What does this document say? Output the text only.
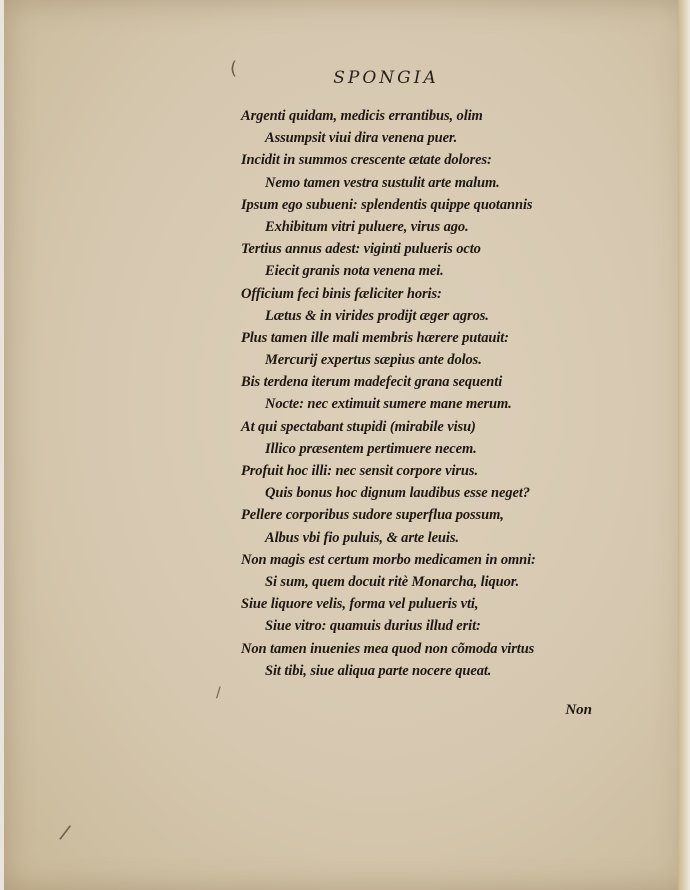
(	SPONGIA
Argenti quidam, medicis errantibus, olim
Assumpsit viui dira venena puer.
Incidit in summos crescente ætate dolores:
Nemo tamen vestra sustulit arte malum.
Ipsum ego subueni: splendentis quippe quotannis
Exhibitum vitri puluere, virus ago.
Tertius annus adest: viginti pulueris octo
Eiecit granis nota venena mei.
Officium feci binis fæliciter horis:
Lætus & in virides prodijt æger agros.
Plus tamen ille mali membris hærere putauit:
Mercurij expertus sæpius ante dolos.
Bis terdena iterum madefecit grana sequenti
Nocte: nec extimuit sumere mane merum.
At qui spectabant stupidi (mirabile visu)
Illico præsentem pertimuere necem.
Profuit hoc illi: nec sensit corpore virus.
Quis bonus hoc dignum laudibus esse neget?
Pellere corporibus sudore superflua possum,
Albus vbi fio puluis, & arte leuis.
Non magis est certum morbo medicamen in omni:
Si sum, quem docuit ritè Monarcha, liquor.
Siue liquore velis, forma vel pulueris vti,
Siue vitro: quamuis durius illud erit:
Non tamen inuenies mea quod non cõmoda virtus
Sit tibi, siue aliqua parte nocere queat.
Non
/
/
